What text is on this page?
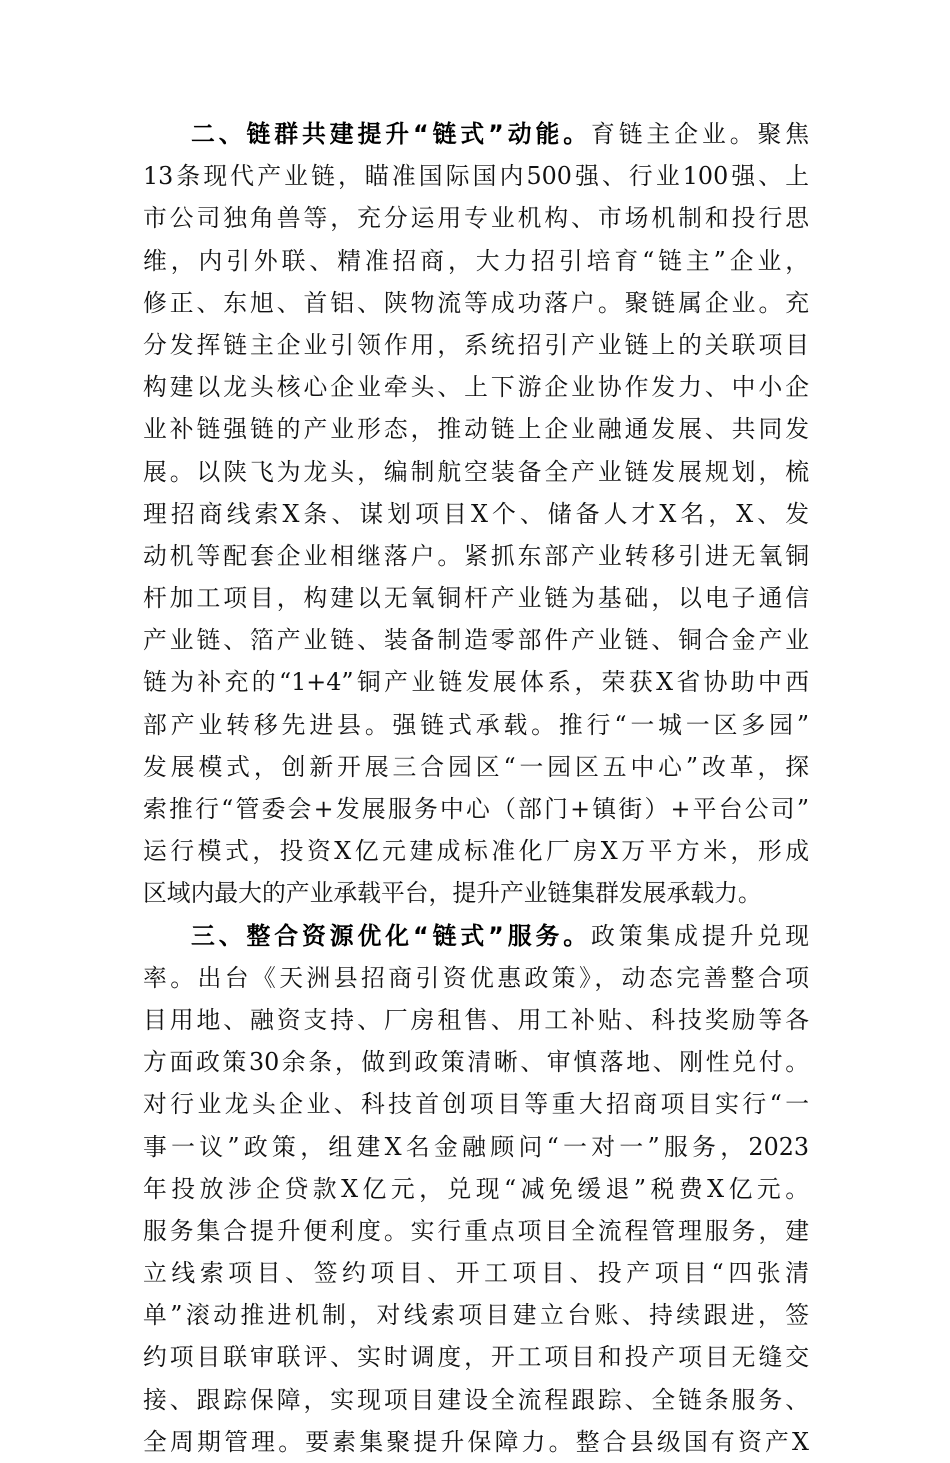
二、链群共建提升“链式”动能。育链主企业。聚焦
13条现代产业链，瞄准国际国内500强、行业100强、上
市公司独角兽等，充分运用专业机构、市场机制和投行思
维，内引外联、精准招商，大力招引培育“链主”企业，
修正、东旭、首铝、陕物流等成功落户。聚链属企业。充
分发挥链主企业引领作用，系统招引产业链上的关联项目
构建以龙头核心企业牵头、上下游企业协作发力、中小企
业补链强链的产业形态，推动链上企业融通发展、共同发
展。以陕飞为龙头，编制航空装备全产业链发展规划，梳
理招商线索X条、谋划项目X个、储备人才X名，X、发
动机等配套企业相继落户。紧抓东部产业转移引进无氧铜
杆加工项目，构建以无氧铜杆产业链为基础，以电子通信
产业链、箔产业链、装备制造零部件产业链、铜合金产业
链为补充的“1+4”铜产业链发展体系，荣获X省协助中西
部产业转移先进县。强链式承载。推行“一城一区多园”
发展模式，创新开展三合园区“一园区五中心”改革，探
索推行“管委会+发展服务中心（部门+镇街）+平台公司”
运行模式，投资X亿元建成标准化厂房X万平方米，形成
区域内最大的产业承载平台，提升产业链集群发展承载力。
三、整合资源优化“链式”服务。政策集成提升兑现
率。出台《天洲县招商引资优惠政策》，动态完善整合项
目用地、融资支持、厂房租售、用工补贴、科技奖励等各
方面政策30余条，做到政策清晰、审慎落地、刚性兑付。
对行业龙头企业、科技首创项目等重大招商项目实行“一
事一议”政策，组建X名金融顾问“一对一”服务，2023
年投放涉企贷款X亿元，兑现“减免缓退”税费X亿元。
服务集合提升便利度。实行重点项目全流程管理服务，建
立线索项目、签约项目、开工项目、投产项目“四张清
单”滚动推进机制，对线索项目建立台账、持续跟进，签
约项目联审联评、实时调度，开工项目和投产项目无缝交
接、跟踪保障，实现项目建设全流程跟踪、全链条服务、
全周期管理。要素集聚提升保障力。整合县级国有资产X
